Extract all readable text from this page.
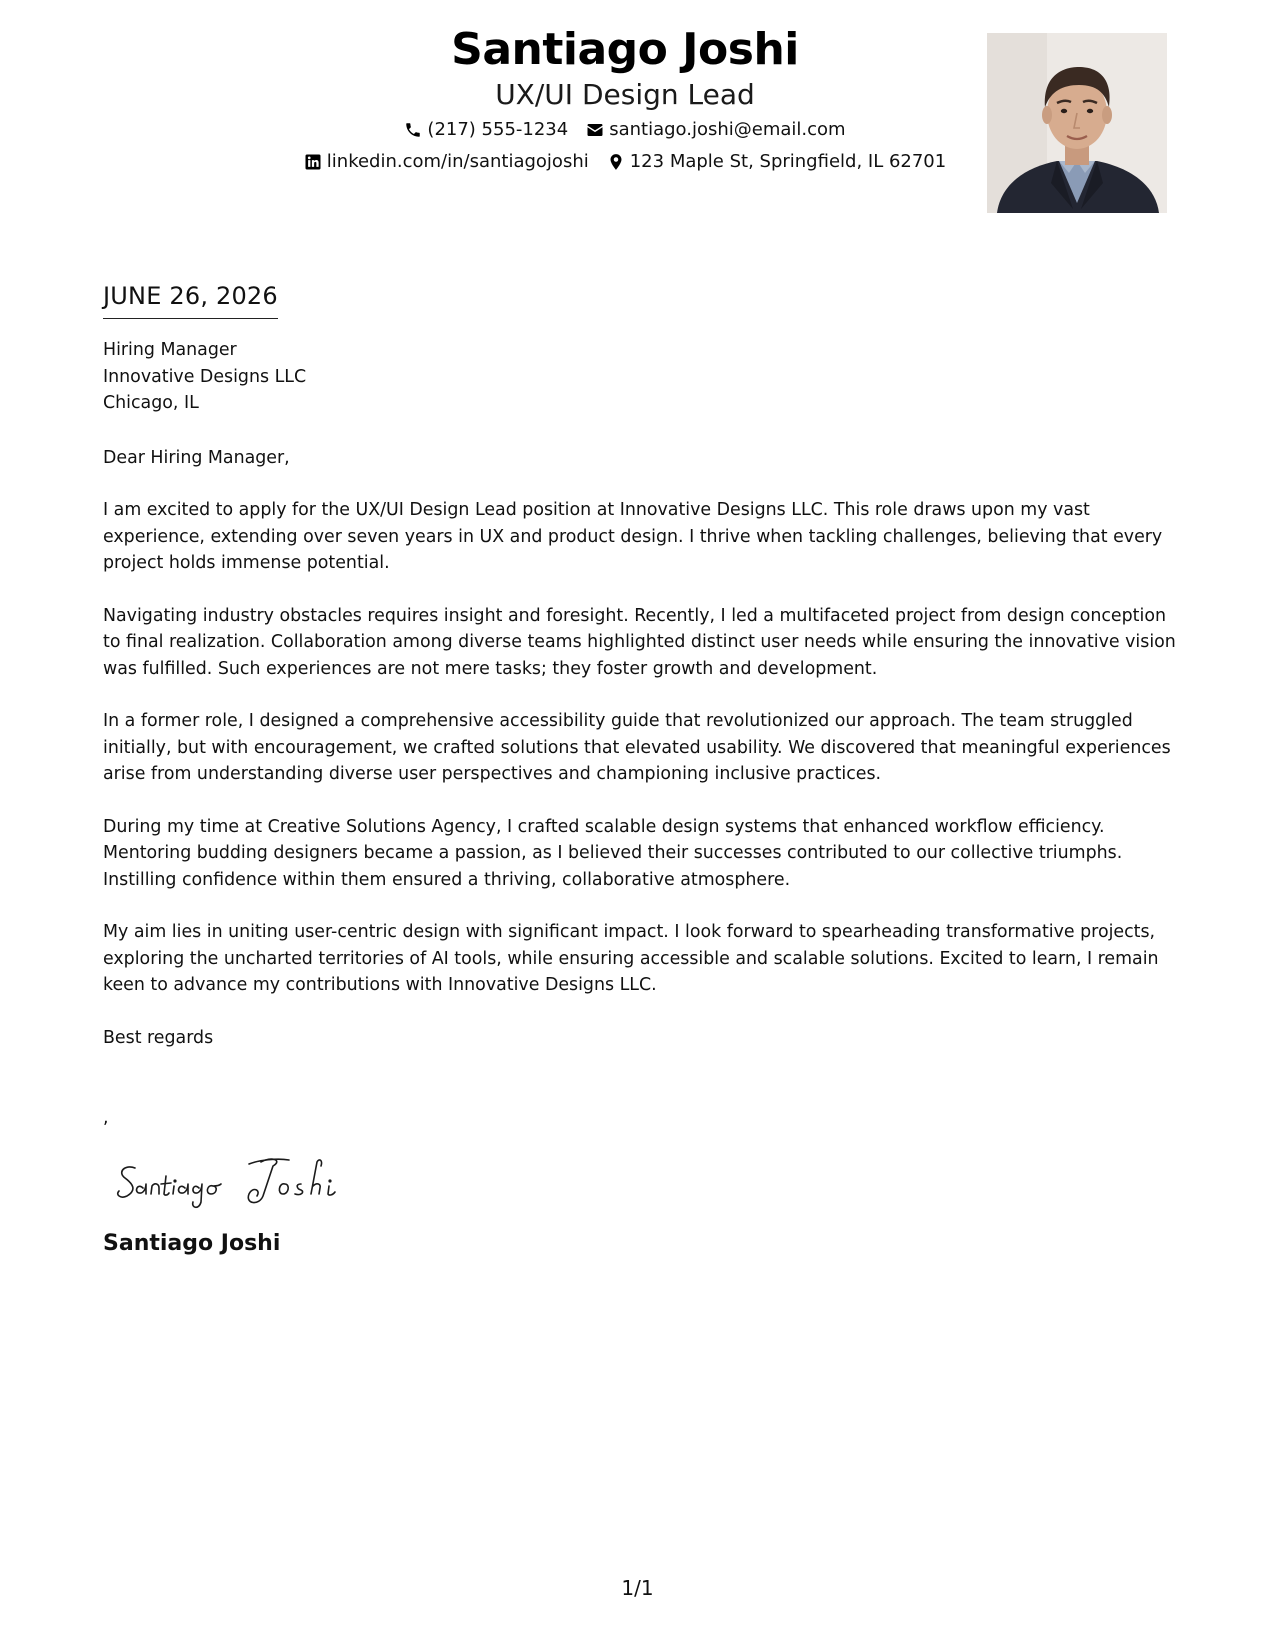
Santiago Joshi
UX/UI Design Lead
(217) 555-1234 santiago.joshi@email.com
linkedin.com/in/santiagojoshi 123 Maple St, Springfield, IL 62701
JUNE 26, 2026
Hiring Manager
Innovative Designs LLC
Chicago, IL
Dear Hiring Manager,
I am excited to apply for the UX/UI Design Lead position at Innovative Designs LLC. This role draws upon my vast experience, extending over seven years in UX and product design. I thrive when tackling challenges, believing that every project holds immense potential.
Navigating industry obstacles requires insight and foresight. Recently, I led a multifaceted project from design conception to final realization. Collaboration among diverse teams highlighted distinct user needs while ensuring the innovative vision was fulfilled. Such experiences are not mere tasks; they foster growth and development.
In a former role, I designed a comprehensive accessibility guide that revolutionized our approach. The team struggled initially, but with encouragement, we crafted solutions that elevated usability. We discovered that meaningful experiences arise from understanding diverse user perspectives and championing inclusive practices.
During my time at Creative Solutions Agency, I crafted scalable design systems that enhanced workflow efficiency. Mentoring budding designers became a passion, as I believed their successes contributed to our collective triumphs. Instilling confidence within them ensured a thriving, collaborative atmosphere.
My aim lies in uniting user-centric design with significant impact. I look forward to spearheading transformative projects, exploring the uncharted territories of AI tools, while ensuring accessible and scalable solutions. Excited to learn, I remain keen to advance my contributions with Innovative Designs LLC.
Best regards
,
Santiago Joshi
1/1
